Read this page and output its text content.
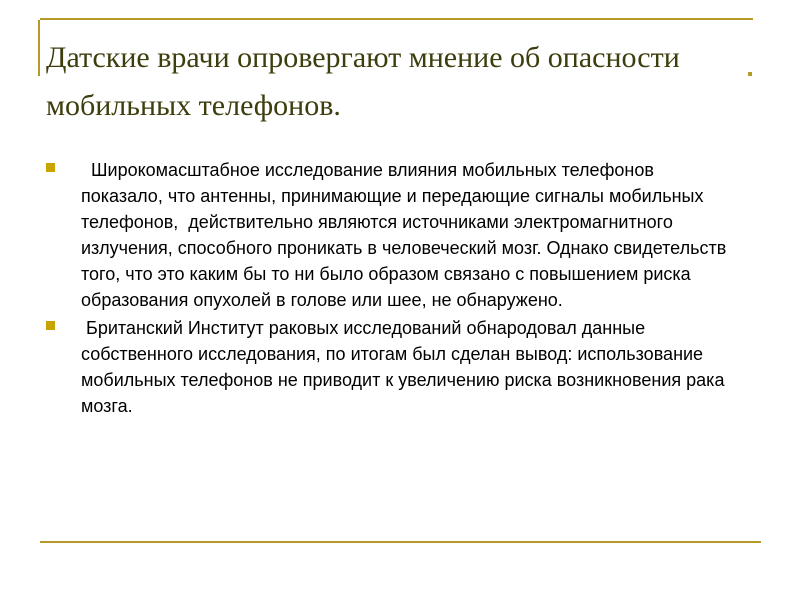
Датские врачи опровергают мнение об опасности мобильных телефонов.
Широкомасштабное исследование влияния мобильных телефонов показало, что антенны, принимающие и передающие сигналы мобильных телефонов,  действительно являются источниками электромагнитного излучения, способного проникать в человеческий мозг. Однако свидетельств того, что это каким бы то ни было образом связано с повышением риска образования опухолей в голове или шее, не обнаружено.
Британский Институт раковых исследований обнародовал данные собственного исследования, по итогам был сделан вывод: использование мобильных телефонов не приводит к увеличению риска возникновения рака мозга.
